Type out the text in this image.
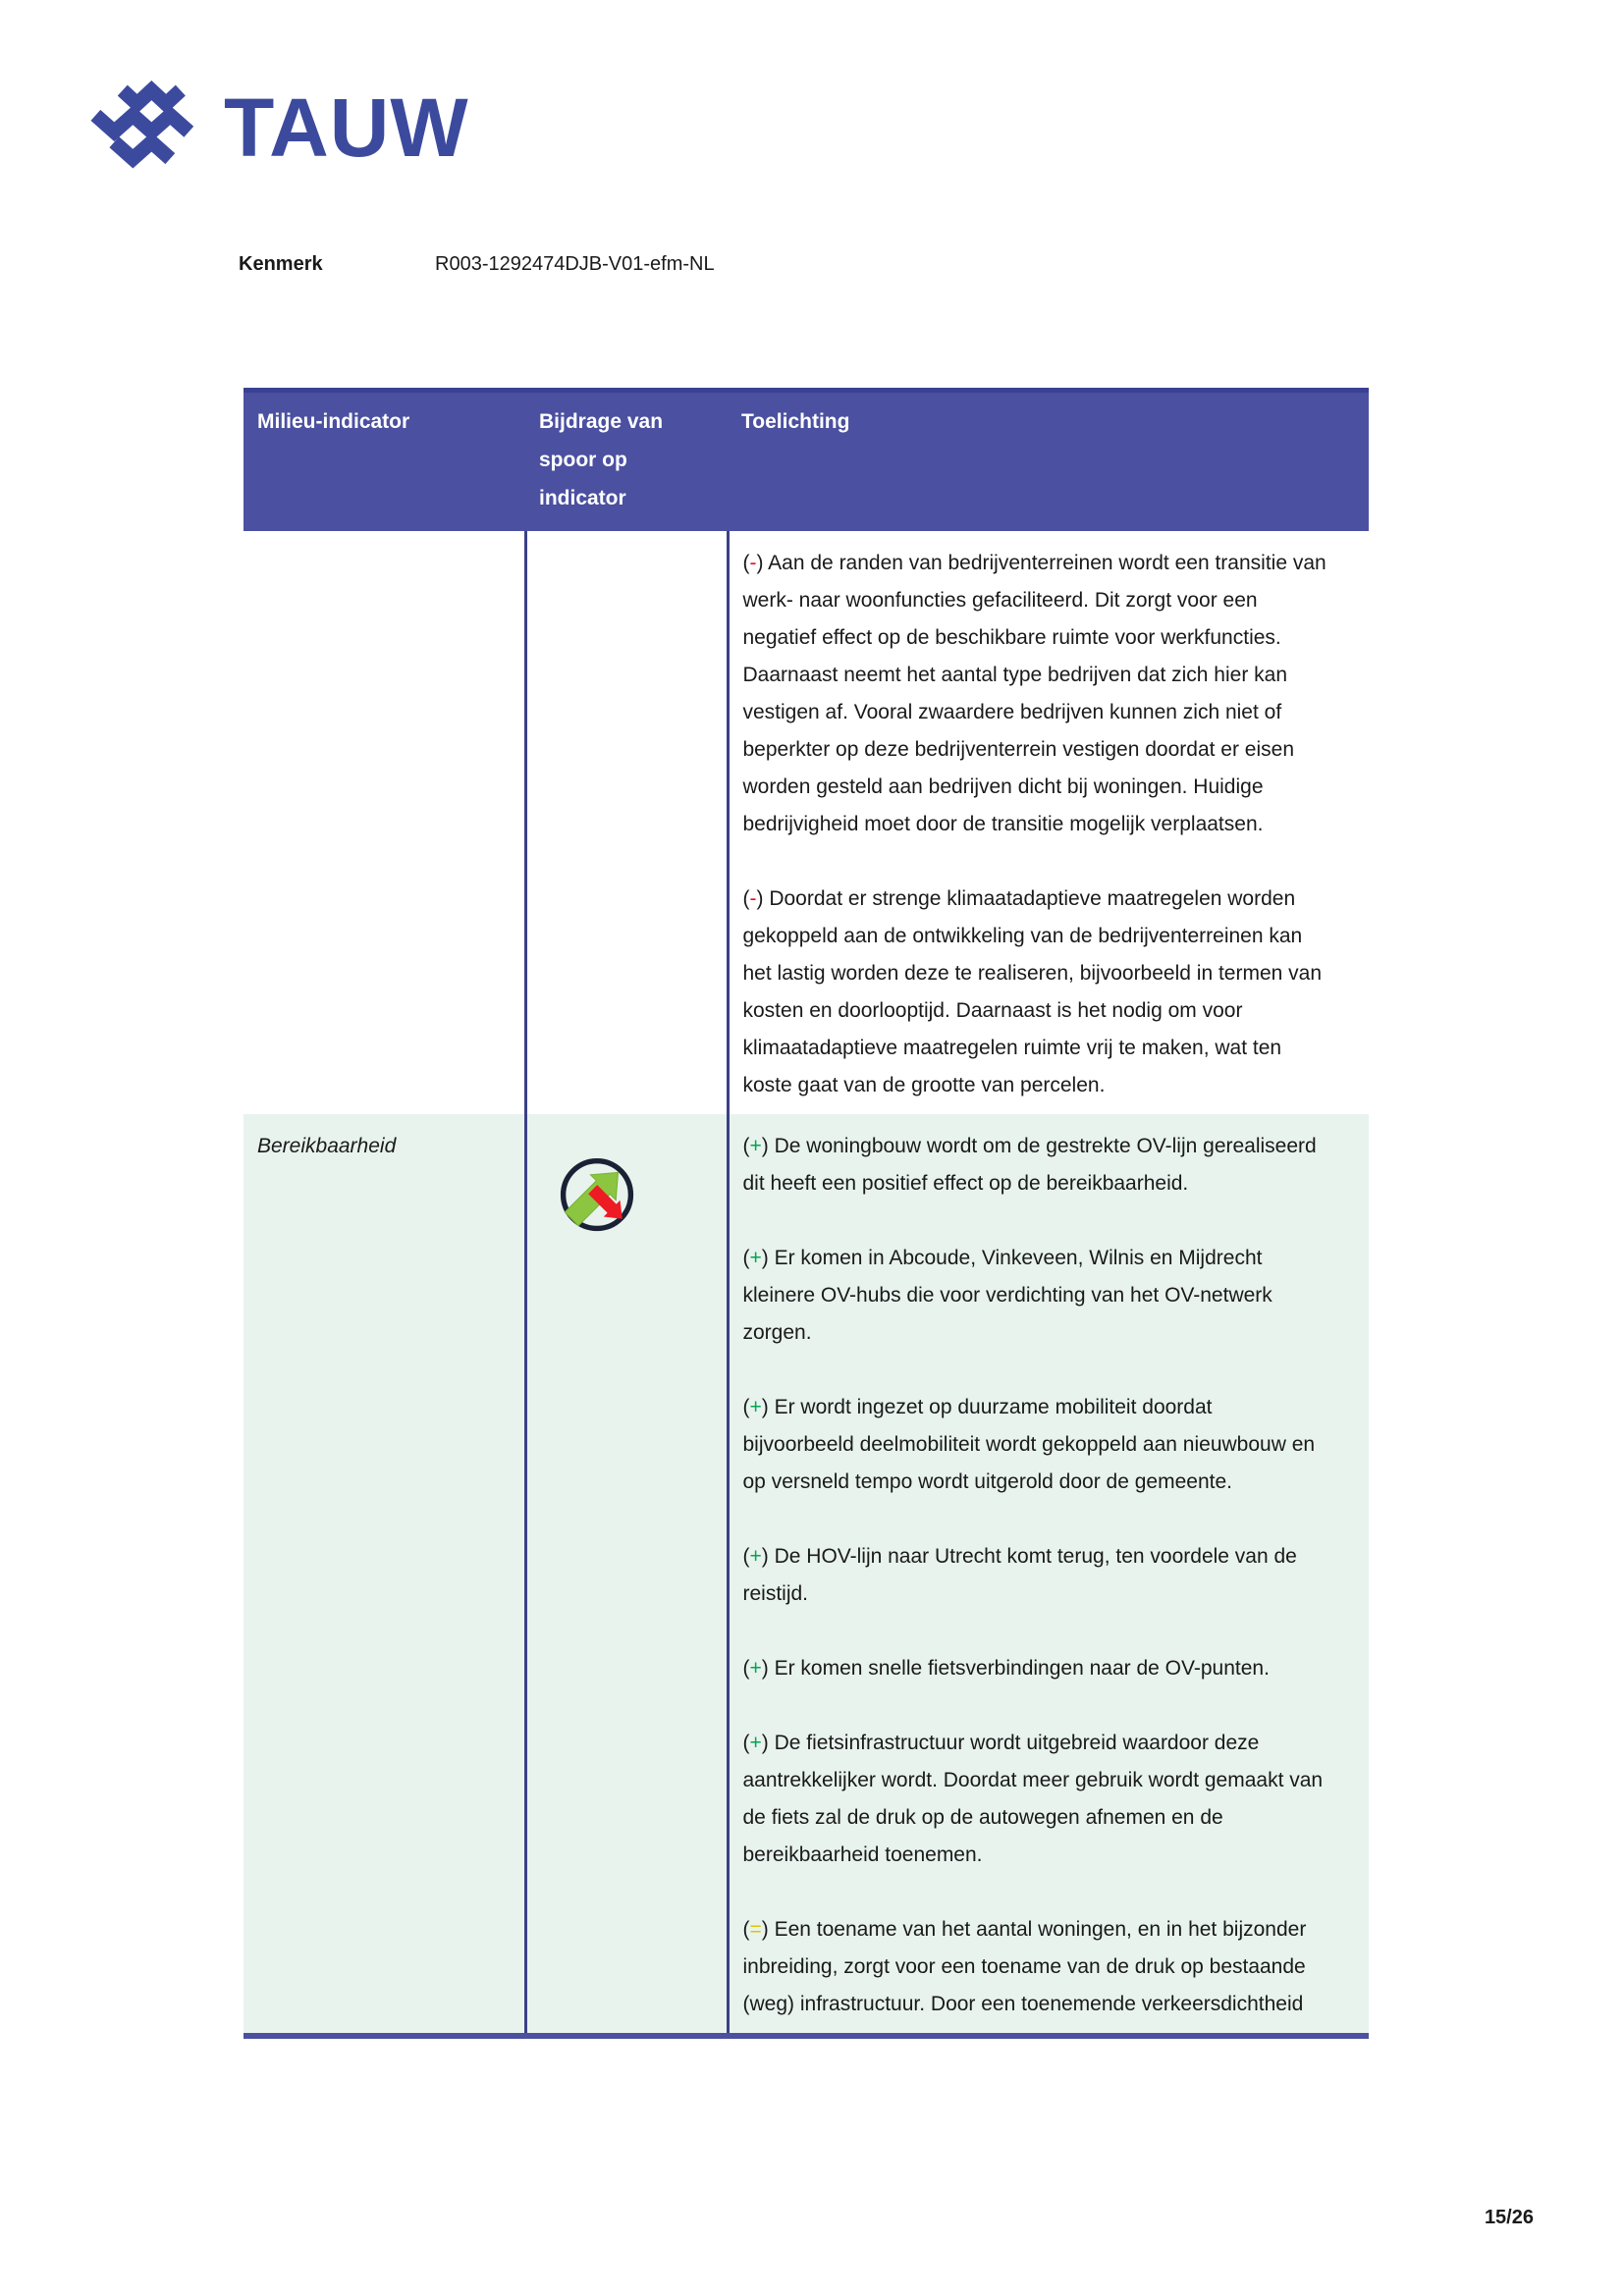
TAUW
Kenmerk	R003-1292474DJB-V01-efm-NL
Milieu-indicator	Bijdrage van spoor op indicator	Toelichting

		(-) Aan de randen van bedrijventerreinen wordt een transitie van werk- naar woonfuncties gefaciliteerd. Dit zorgt voor een negatief effect op de beschikbare ruimte voor werkfuncties. Daarnaast neemt het aantal type bedrijven dat zich hier kan vestigen af. Vooral zwaardere bedrijven kunnen zich niet of beperkter op deze bedrijventerrein vestigen doordat er eisen worden gesteld aan bedrijven dicht bij woningen. Huidige bedrijvigheid moet door de transitie mogelijk verplaatsen.
(-) Doordat er strenge klimaatadaptieve maatregelen worden gekoppeld aan de ontwikkeling van de bedrijventerreinen kan het lastig worden deze te realiseren, bijvoorbeeld in termen van kosten en doorlooptijd. Daarnaast is het nodig om voor klimaatadaptieve maatregelen ruimte vrij te maken, wat ten koste gaat van de grootte van percelen.

Bereikbaarheid		(+) De woningbouw wordt om de gestrekte OV-lijn gerealiseerd dit heeft een positief effect op de bereikbaarheid.
(+) Er komen in Abcoude, Vinkeveen, Wilnis en Mijdrecht kleinere OV-hubs die voor verdichting van het OV-netwerk zorgen.
(+) Er wordt ingezet op duurzame mobiliteit doordat bijvoorbeeld deelmobiliteit wordt gekoppeld aan nieuwbouw en op versneld tempo wordt uitgerold door de gemeente.
(+) De HOV-lijn naar Utrecht komt terug, ten voordele van de reistijd.
(+) Er komen snelle fietsverbindingen naar de OV-punten.
(+) De fietsinfrastructuur wordt uitgebreid waardoor deze aantrekkelijker wordt. Doordat meer gebruik wordt gemaakt van de fiets zal de druk op de autowegen afnemen en de bereikbaarheid toenemen.
(=) Een toename van het aantal woningen, en in het bijzonder inbreiding, zorgt voor een toename van de druk op bestaande (weg) infrastructuur. Door een toenemende verkeersdichtheid
15/26
